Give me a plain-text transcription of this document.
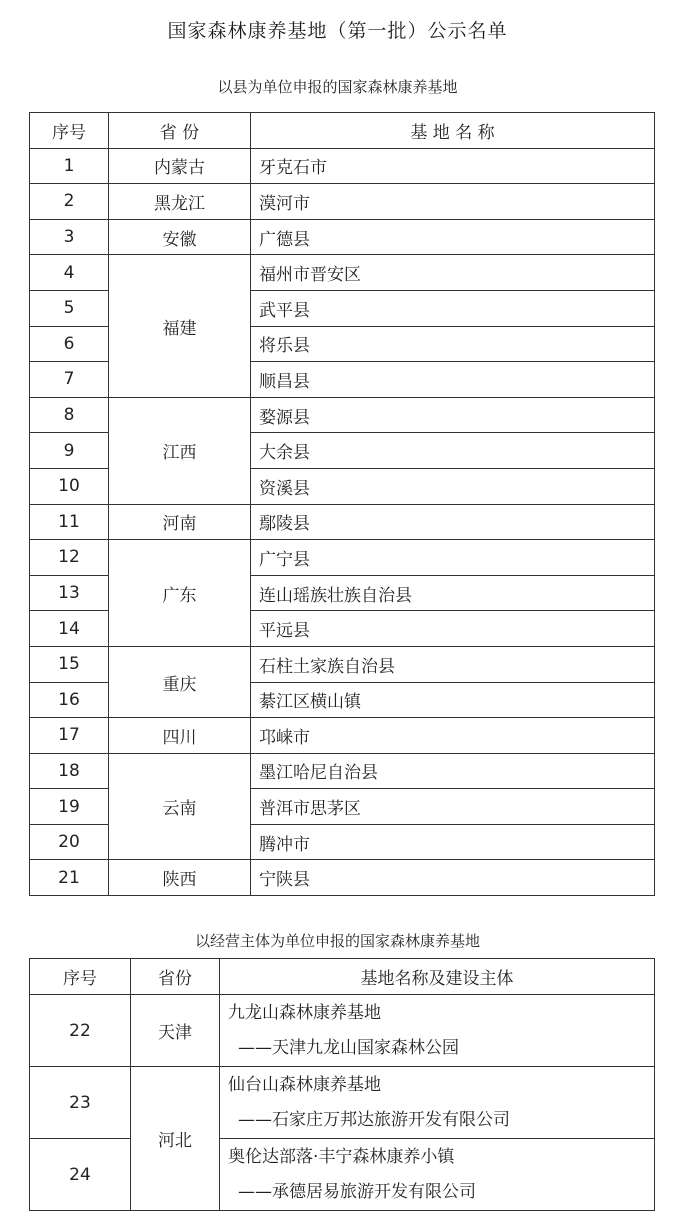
国家森林康养基地（第一批）公示名单
以县为单位申报的国家森林康养基地
序号	省 份	基 地 名 称
1	内蒙古	牙克石市
2	黑龙江	漠河市
3	安徽	广德县
4	福建	福州市晋安区
5		武平县
6		将乐县
7		顺昌县
8	江西	婺源县
9		大余县
10		资溪县
11	河南	鄢陵县
12	广东	广宁县
13		连山瑶族壮族自治县
14		平远县
15	重庆	石柱土家族自治县
16		綦江区横山镇
17	四川	邛崃市
18	云南	墨江哈尼自治县
19		普洱市思茅区
20		腾冲市
21	陕西	宁陕县
以经营主体为单位申报的国家森林康养基地
序号	省份	基地名称及建设主体
22	天津	九龙山森林康养基地
——天津九龙山国家森林公园

23	河北	仙台山森林康养基地
——石家庄万邦达旅游开发有限公司

24		奥伦达部落·丰宁森林康养小镇
——承德居易旅游开发有限公司
